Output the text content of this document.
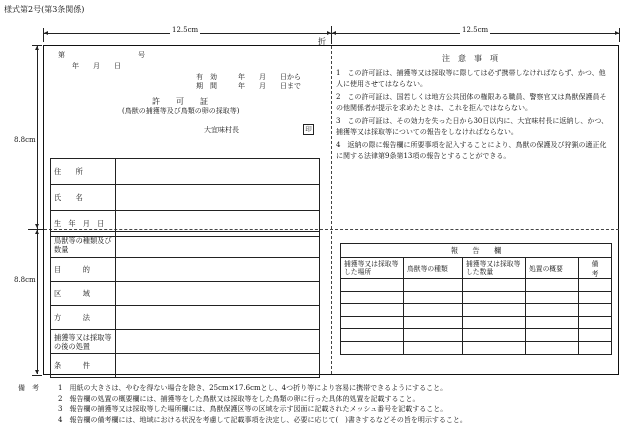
様式第2号(第3条関係)
12.5cm	12.5cm
折
8.8cm
8.8cm
第	号
年　　月　　日
有　効
期　間
年　　月　　日から
年　　月　　日まで
許　　可　　証
(鳥獣の捕獲等及び鳥類の卵の採取等)
大宜味村長	印
住　　所	
氏　　名	
生　年　月　日	
鳥獣等の種類及び数量	
目　　　的	
区　　　域	
方　　　法	
捕獲等又は採取等の後の処置	
条　　　件	
注　意　事　項

1　この許可証は、捕獲等又は採取等に際しては必ず携帯しなければならず、かつ、他人に使用させてはならない。

2　この許可証は、国若しくは地方公共団体の権限ある職員、警察官又は鳥獣保護員その他関係者が提示を求めたときは、これを拒んではならない。

3　この許可証は、その効力を失った日から30日以内に、大宜味村長に返納し、かつ、捕獲等又は採取等についての報告をしなければならない。

4　返納の際に報告欄に所要事項を記入することにより、鳥獣の保護及び狩猟の適正化に関する法律第9条第13項の報告とすることができる。

報　　告　　欄				
捕獲等又は採取等した場所	鳥獣等の種類	捕獲等又は採取等した数量	処置の概要	備　　考

備　考	1　用紙の大きさは、やむを得ない場合を除き、25cm×17.6cmとし、4つ折り等により容易に携帯できるようにすること。
2　報告欄の処置の概要欄には、捕獲等をした鳥獣又は採取等をした鳥類の卵に行った具体的処置を記載すること。
3　報告欄の捕獲等又は採取等した場所欄には、鳥獣保護区等の区域を示す図面に記載されたメッシュ番号を記載すること。
4　報告欄の備考欄には、地域における状況を考慮して記載事項を決定し、必要に応じて(　)書きするなどその旨を明示すること。
